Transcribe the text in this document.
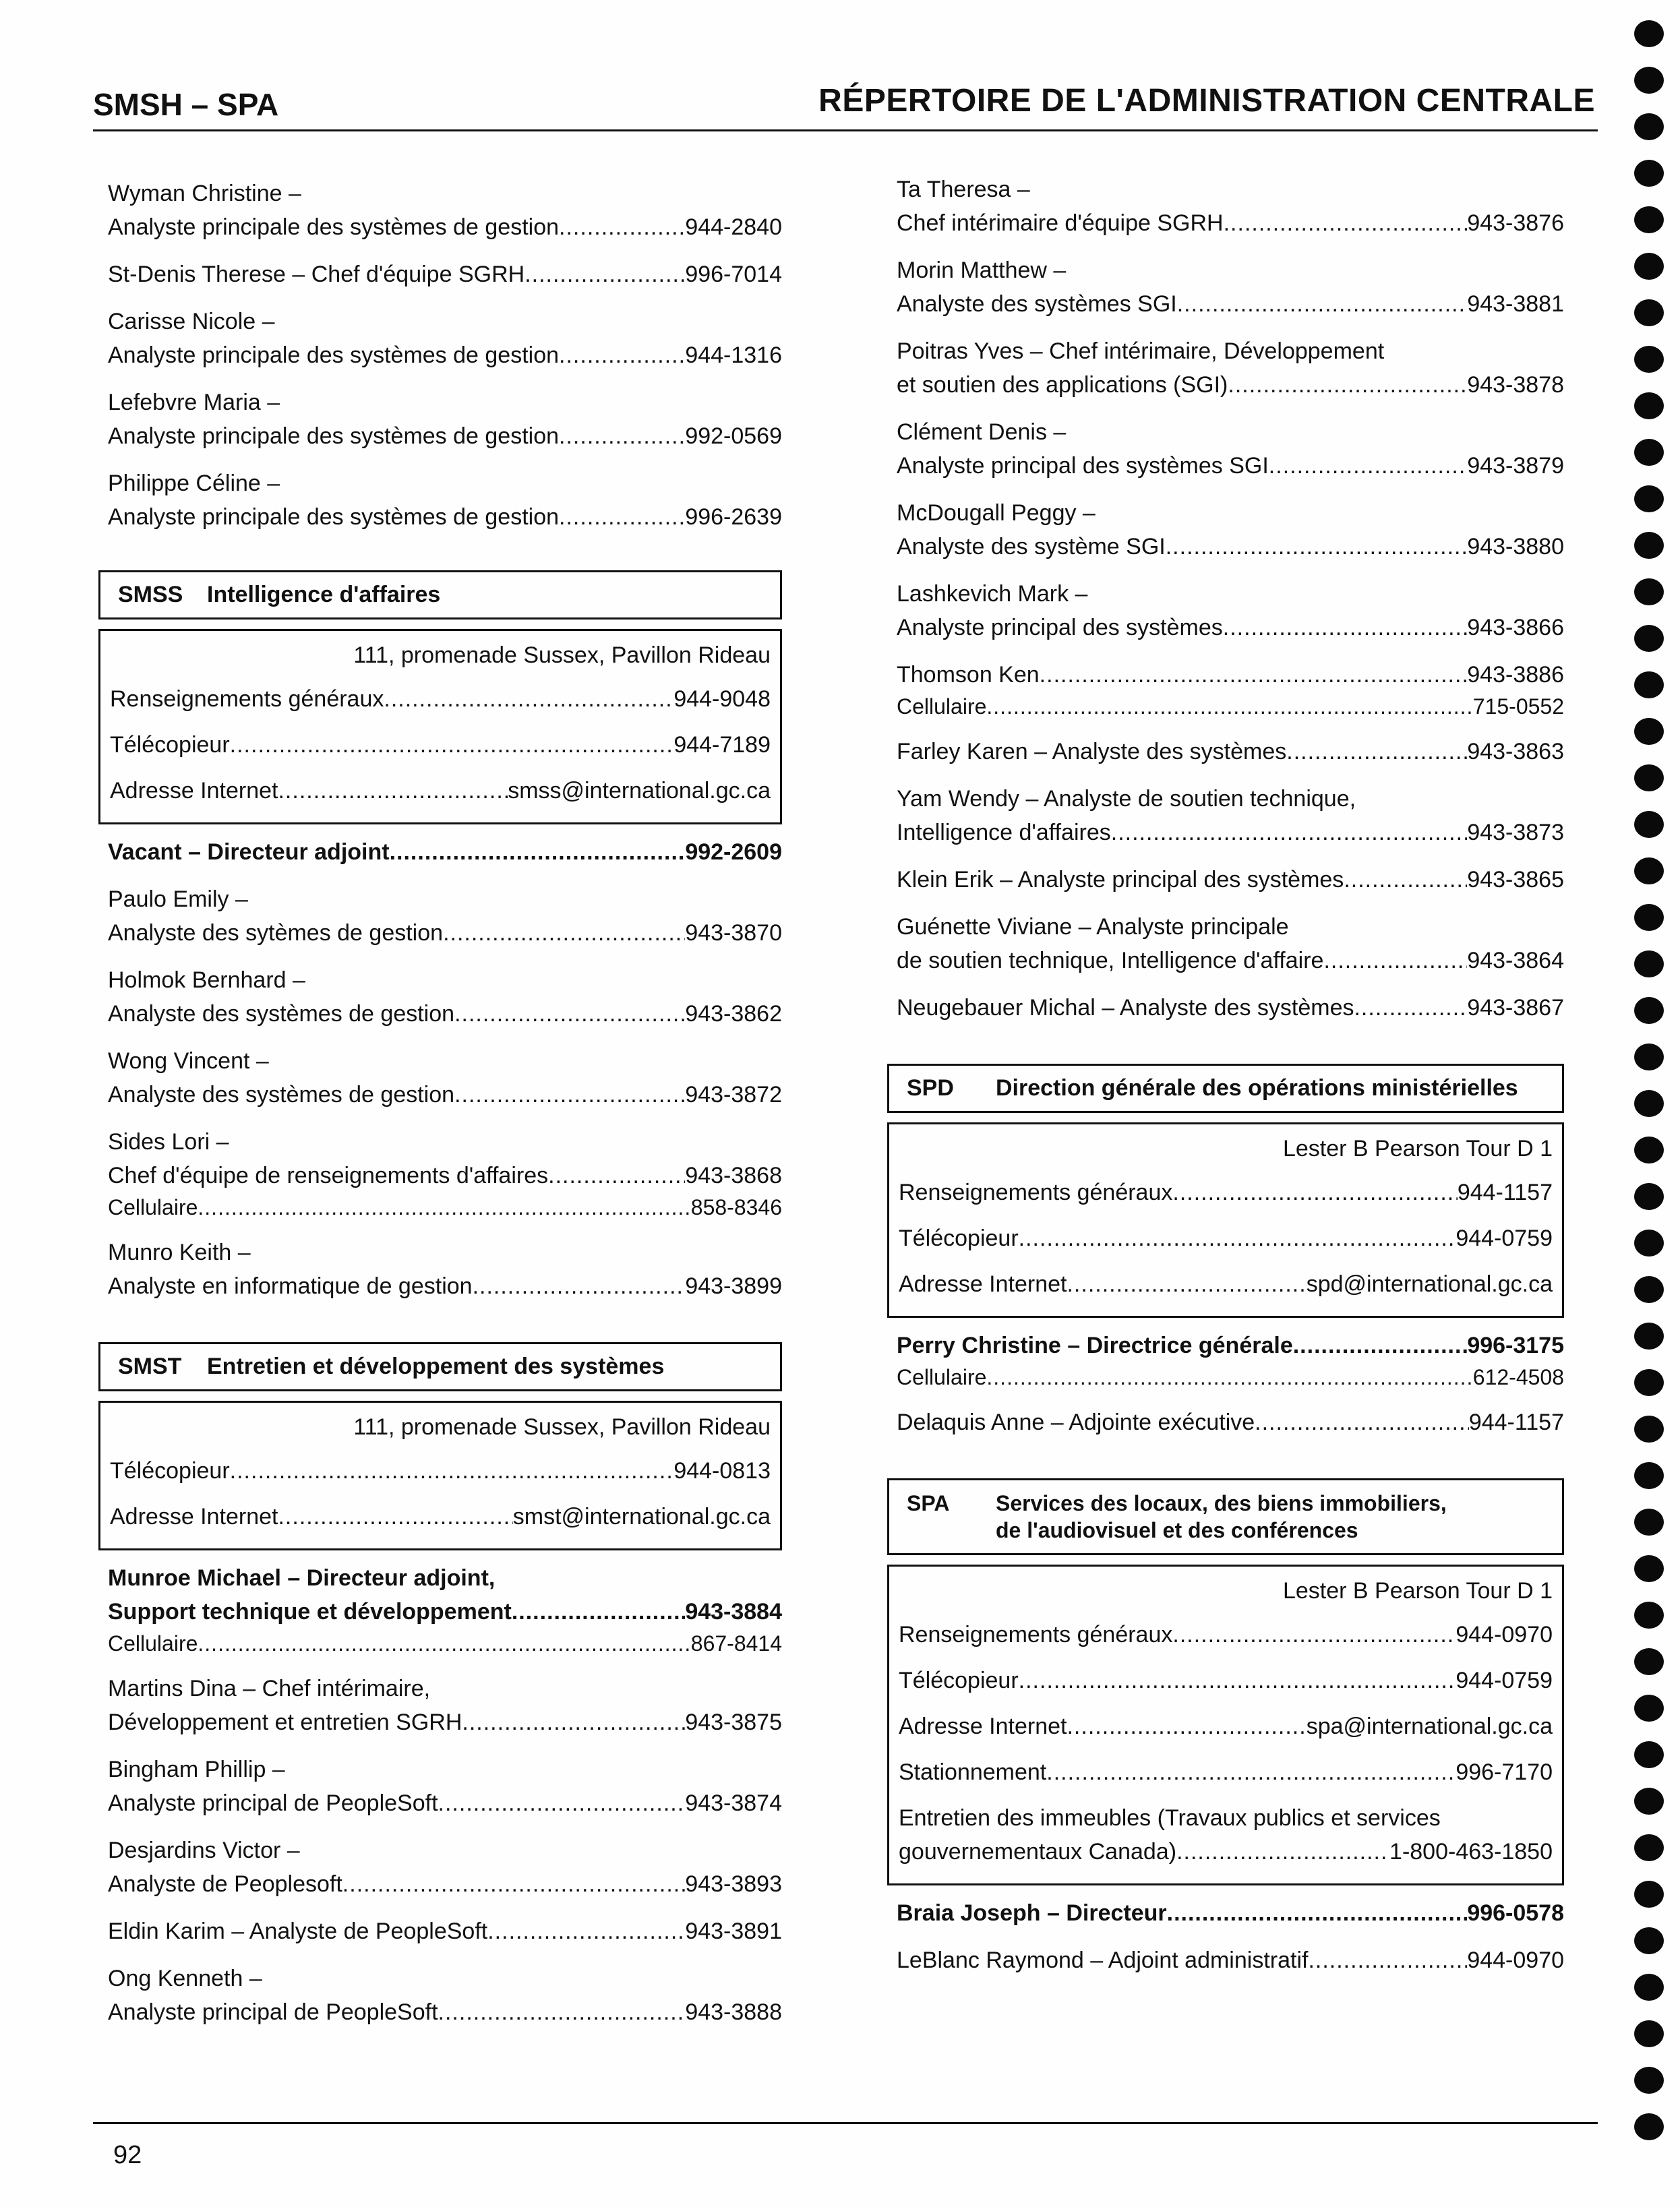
SMSH – SPA	RÉPERTOIRE DE L'ADMINISTRATION CENTRALE
Wyman Christine –
Analyste principale des systèmes de gestion .....	944-2840
St-Denis Therese – Chef d'équipe SGRH .....	996-7014
Carisse Nicole –
Analyste principale des systèmes de gestion .....	944-1316
Lefebvre Maria –
Analyste principale des systèmes de gestion .....	992-0569
Philippe Céline –
Analyste principale des systèmes de gestion .....	996-2639
SMSS	Intelligence d'affaires
111, promenade Sussex, Pavillon Rideau
Renseignements généraux .....	944-9048
Télécopieur .....	944-7189
Adresse Internet .....	smss@international.gc.ca
Vacant – Directeur adjoint .....	992-2609
Paulo Emily –
Analyste des sytèmes de gestion .....	943-3870
Holmok Bernhard –
Analyste des systèmes de gestion .....	943-3862
Wong Vincent –
Analyste des systèmes de gestion .....	943-3872
Sides Lori –
Chef d'équipe de renseignements d'affaires .....	943-3868
Cellulaire .....	858-8346
Munro Keith –
Analyste en informatique de gestion .....	943-3899
SMST	Entretien et développement des systèmes
111, promenade Sussex, Pavillon Rideau
Télécopieur .....	944-0813
Adresse Internet .....	smst@international.gc.ca
Munroe Michael – Directeur adjoint,
Support technique et développement .....	943-3884
Cellulaire .....	867-8414
Martins Dina – Chef intérimaire,
Développement et entretien SGRH .....	943-3875
Bingham Phillip –
Analyste principal de PeopleSoft .....	943-3874
Desjardins Victor –
Analyste de Peoplesoft .....	943-3893
Eldin Karim – Analyste de PeopleSoft .....	943-3891
Ong Kenneth –
Analyste principal de PeopleSoft .....	943-3888
Ta Theresa –
Chef intérimaire d'équipe SGRH .....	943-3876
Morin Matthew –
Analyste des systèmes SGI .....	943-3881
Poitras Yves – Chef intérimaire, Développement
et soutien des applications (SGI) .....	943-3878
Clément Denis –
Analyste principal des systèmes SGI .....	943-3879
McDougall Peggy –
Analyste des système SGI .....	943-3880
Lashkevich Mark –
Analyste principal des systèmes .....	943-3866
Thomson Ken .....	943-3886
Cellulaire .....	715-0552
Farley Karen – Analyste des systèmes .....	943-3863
Yam Wendy – Analyste de soutien technique,
Intelligence d'affaires .....	943-3873
Klein Erik – Analyste principal des systèmes .....	943-3865
Guénette Viviane – Analyste principale
de soutien technique, Intelligence d'affaire .....	943-3864
Neugebauer Michal – Analyste des systèmes .....	943-3867
SPD	Direction générale des opérations ministérielles
Lester B Pearson Tour D 1
Renseignements généraux .....	944-1157
Télécopieur .....	944-0759
Adresse Internet .....	spd@international.gc.ca
Perry Christine – Directrice générale .....	996-3175
Cellulaire .....	612-4508
Delaquis Anne – Adjointe exécutive .....	944-1157
SPA	Services des locaux, des biens immobiliers,
de l'audiovisuel et des conférences
Lester B Pearson Tour D 1
Renseignements généraux .....	944-0970
Télécopieur .....	944-0759
Adresse Internet .....	spa@international.gc.ca
Stationnement .....	996-7170
Entretien des immeubles (Travaux publics et services
gouvernementaux Canada) .....	1-800-463-1850
Braia Joseph – Directeur .....	996-0578
LeBlanc Raymond – Adjoint administratif .....	944-0970
92
